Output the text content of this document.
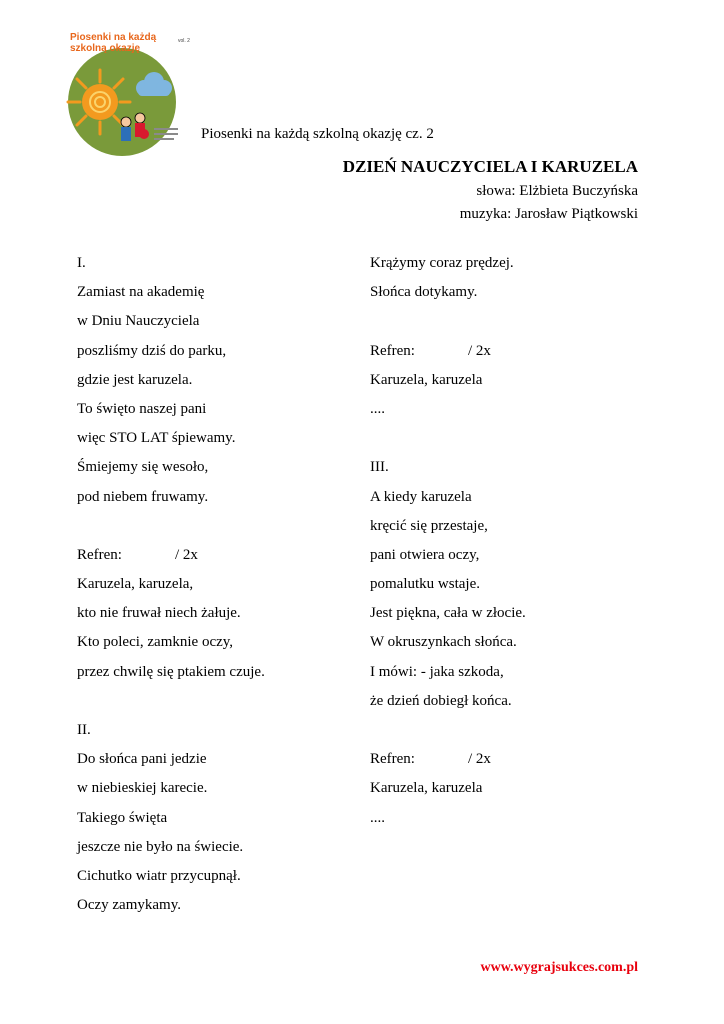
Piosenki na każdą szkolną okazję
vol. 2
Piosenki na każdą szkolną okazję cz. 2
DZIEŃ NAUCZYCIELA I KARUZELA
słowa: Elżbieta Buczyńska
muzyka: Jarosław Piątkowski
I.
Zamiast na akademię
w Dniu Nauczyciela
poszliśmy dziś do parku,
gdzie jest karuzela.
To święto naszej pani
więc STO LAT śpiewamy.
Śmiejemy się wesoło,
pod niebem fruwamy.
Refren:	/ 2x
Karuzela, karuzela,
kto nie fruwał niech żałuje.
Kto poleci, zamknie oczy,
przez chwilę się ptakiem czuje.
II.
Do słońca pani jedzie
w niebieskiej karecie.
Takiego święta
jeszcze nie było na świecie.
Cichutko wiatr przycupnął.
Oczy zamykamy.
Krążymy coraz prędzej.
Słońca dotykamy.
Refren:	/ 2x
Karuzela, karuzela
....
III.
A kiedy karuzela
kręcić się przestaje,
pani otwiera oczy,
pomalutku wstaje.
Jest piękna, cała w złocie.
W okruszynkach słońca.
I mówi: - jaka szkoda,
że dzień dobiegł końca.
Refren:	/ 2x
Karuzela, karuzela
....
www.wygrajsukces.com.pl
